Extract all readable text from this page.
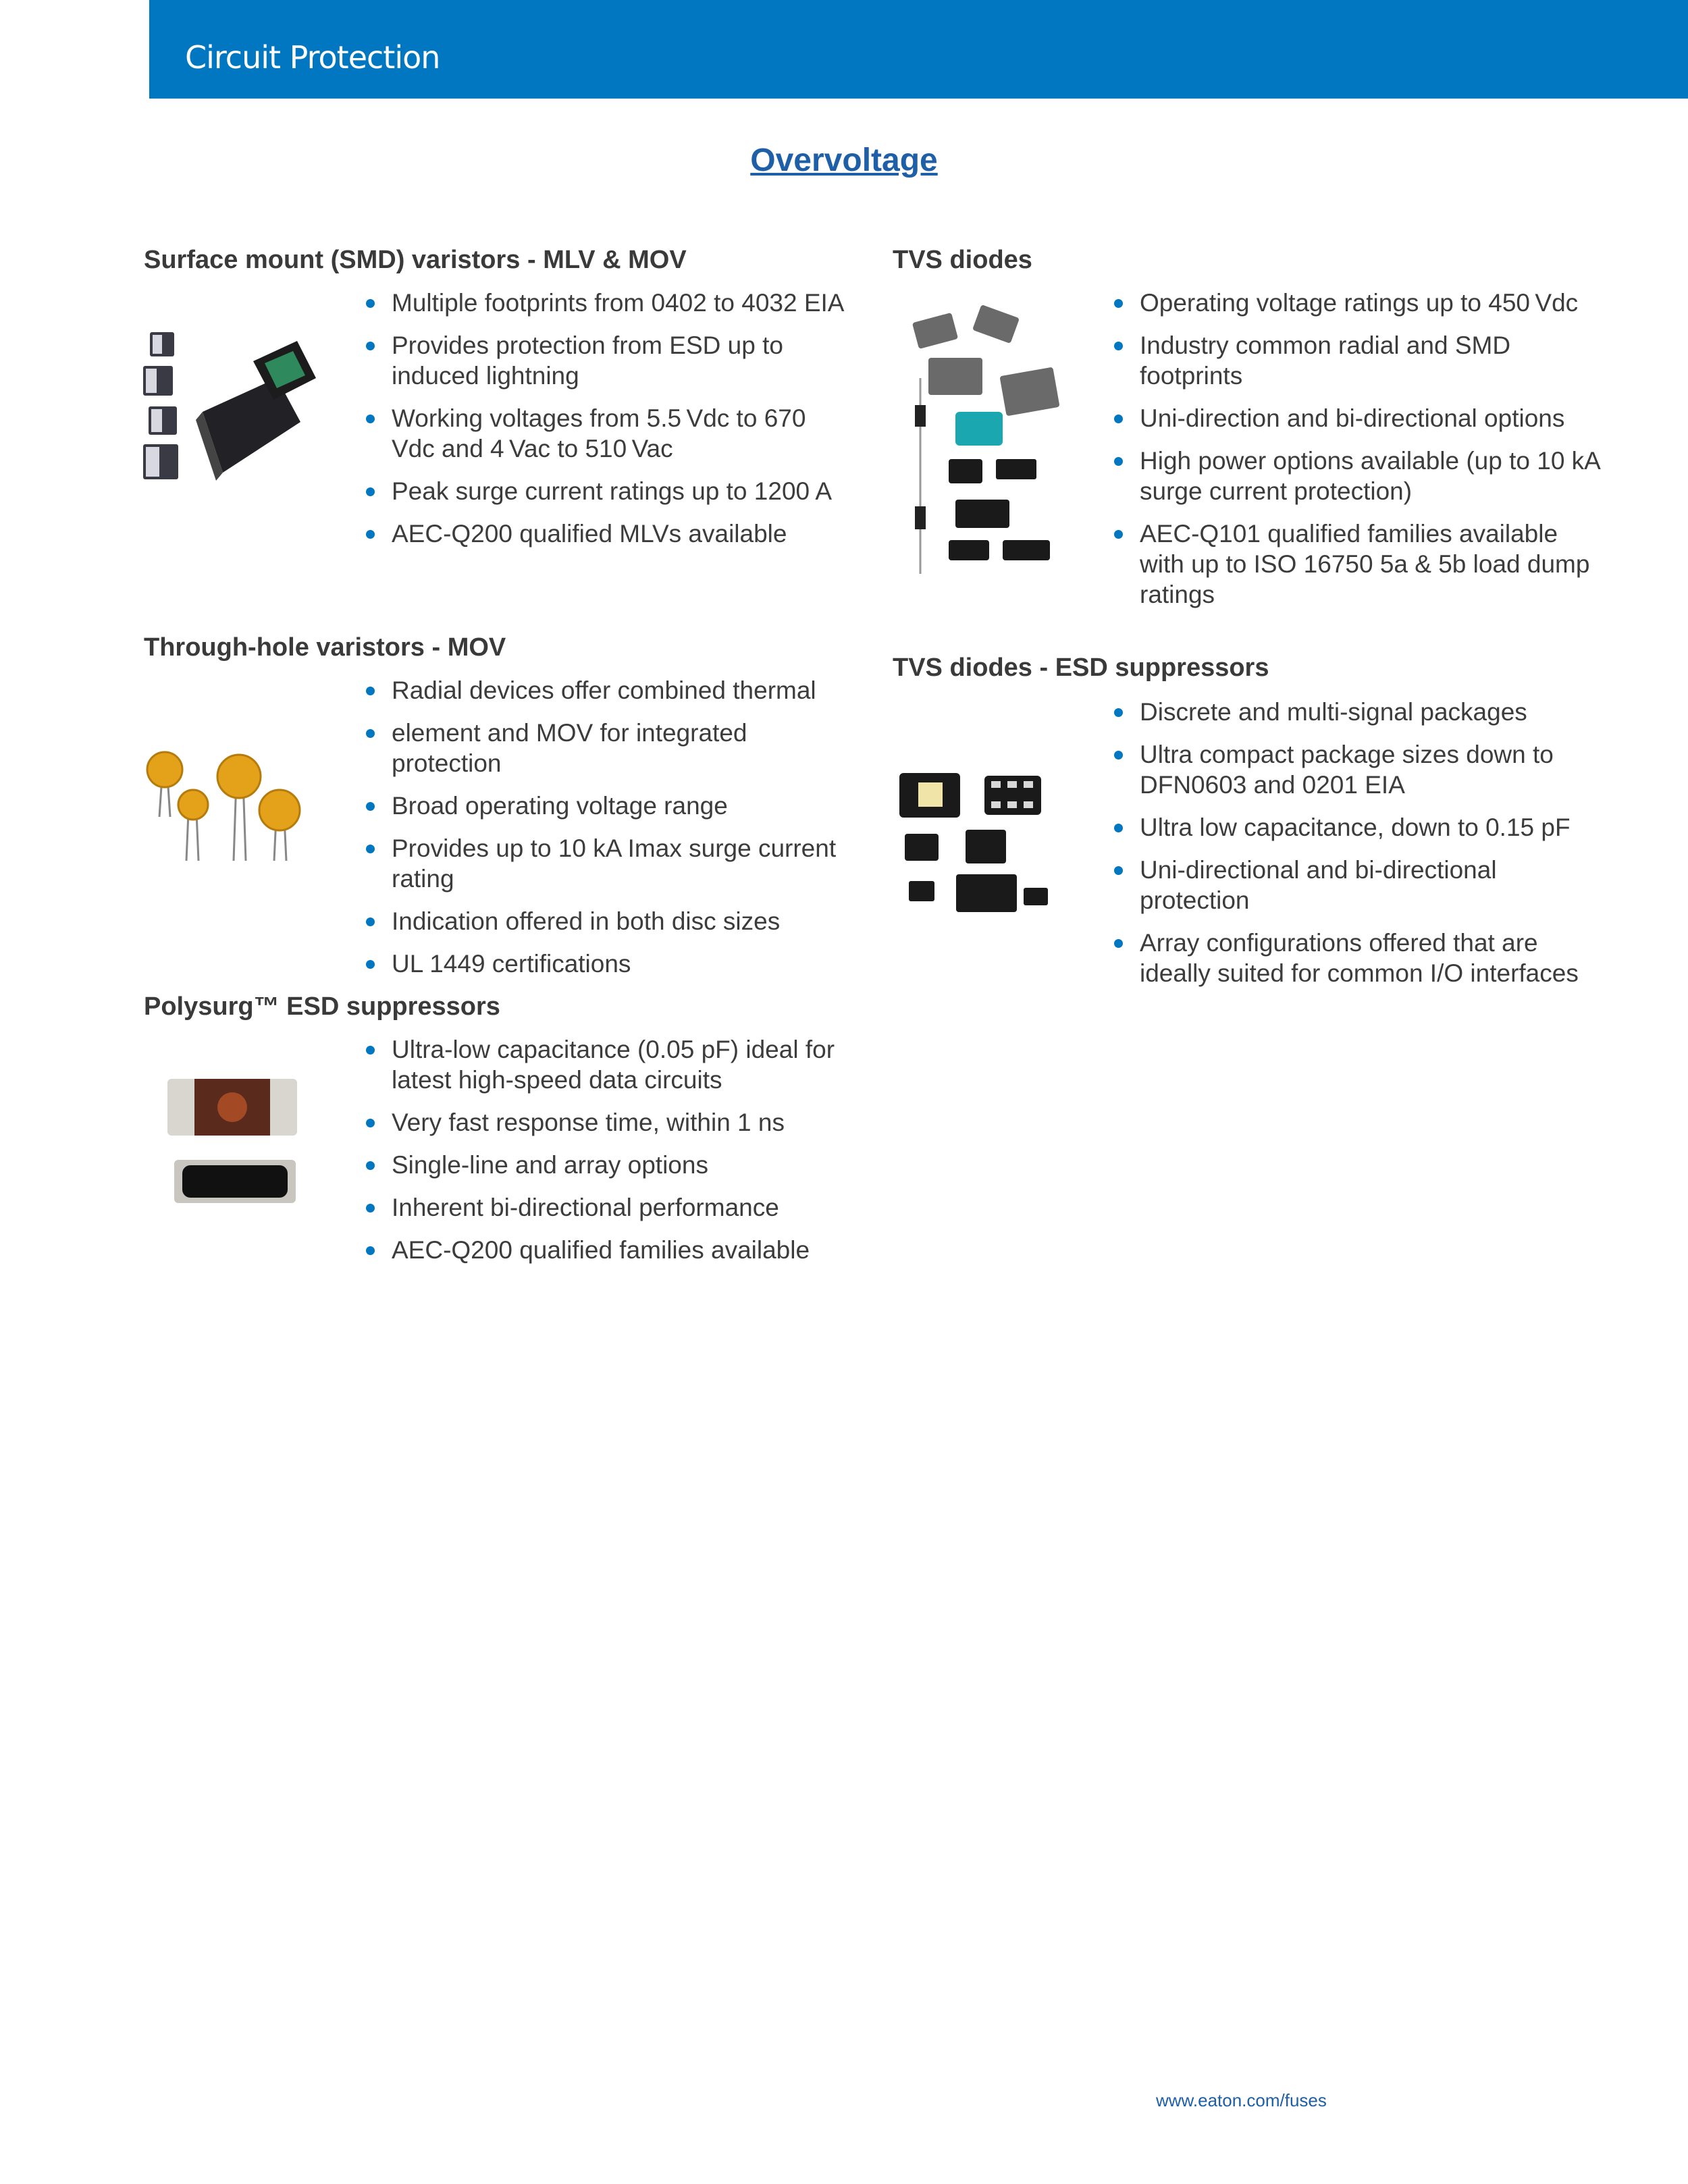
Circuit Protection
Overvoltage
Surface mount (SMD) varistors - MLV & MOV
Multiple footprints from 0402 to 4032 EIA
Provides protection from ESD up to induced lightning
Working voltages from 5.5 Vdc to 670 Vdc and 4 Vac to 510 Vac
Peak surge current ratings up to 1200 A
AEC-Q200 qualified MLVs available
Through-hole varistors - MOV
Radial devices offer combined thermal
element and MOV for integrated protection
Broad operating voltage range
Provides up to 10 kA Imax surge current rating
Indication offered in both disc sizes
UL 1449 certifications
Polysurg™ ESD suppressors
Ultra-low capacitance (0.05 pF) ideal for latest high-speed data circuits
Very fast response time, within 1 ns
Single-line and array options
Inherent bi-directional performance
AEC-Q200 qualified families available
TVS diodes
Operating voltage ratings up to 450 Vdc
Industry common radial and SMD footprints
Uni-direction and bi-directional options
High power options available (up to 10 kA surge current protection)
AEC-Q101 qualified families available with up to ISO 16750 5a & 5b load dump ratings
TVS diodes - ESD suppressors
Discrete and multi-signal packages
Ultra compact package sizes down to DFN0603 and 0201 EIA
Ultra low capacitance, down to 0.15 pF
Uni-directional and bi-directional protection
Array configurations offered that are ideally suited for common I/O interfaces
www.eaton.com/fuses
